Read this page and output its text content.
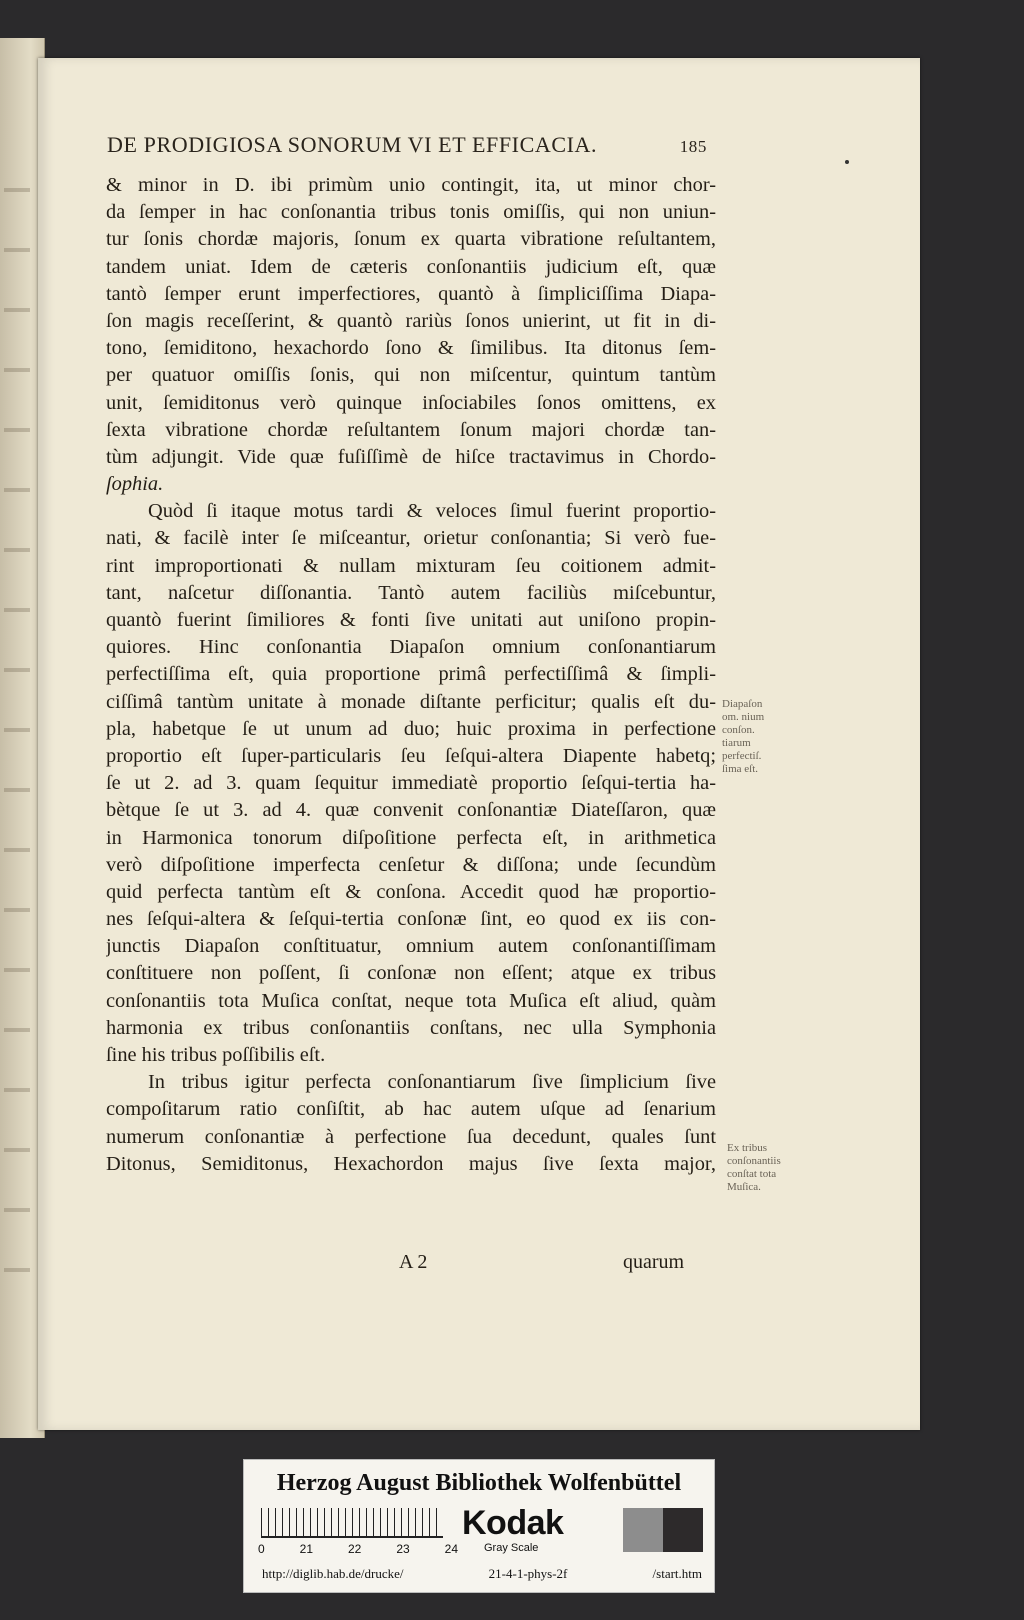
DE PRODIGIOSA SONORUM VI ET EFFICACIA.	185
& minor in D. ibi primùm unio contingit, ita, ut minor chor-
da ſemper in hac conſonantia tribus tonis omiſſis, qui non uniun-
tur ſonis chordæ majoris, ſonum ex quarta vibratione reſultantem,
tandem uniat. Idem de cæteris conſonantiis judicium eſt, quæ
tantò ſemper erunt imperfectiores, quantò à ſimpliciſſima Diapa-
ſon magis receſſerint, & quantò rariùs ſonos unierint, ut fit in di-
tono, ſemiditono, hexachordo ſono & ſimilibus. Ita ditonus ſem-
per quatuor omiſſis ſonis, qui non miſcentur, quintum tantùm
unit, ſemiditonus verò quinque inſociabiles ſonos omittens, ex
ſexta vibratione chordæ reſultantem ſonum majori chordæ tan-
tùm adjungit. Vide quæ fuſiſſimè de hiſce tractavimus in Chordo-
ſophia.
Quòd ſi itaque motus tardi & veloces ſimul fuerint proportio-
nati, & facilè inter ſe miſceantur, orietur conſonantia; Si verò fue-
rint improportionati & nullam mixturam ſeu coitionem admit-
tant, naſcetur diſſonantia. Tantò autem faciliùs miſcebuntur,
quantò fuerint ſimiliores & fonti ſive unitati aut uniſono propin-
quiores. Hinc conſonantia Diapaſon omnium conſonantiarum
perfectiſſima eſt, quia proportione primâ perfectiſſimâ & ſimpli-
ciſſimâ tantùm unitate à monade diſtante perficitur; qualis eſt du-
pla, habetque ſe ut unum ad duo; huic proxima in perfectione
proportio eſt ſuper-particularis ſeu ſeſqui-altera Diapente habetq;
ſe ut 2. ad 3. quam ſequitur immediatè proportio ſeſqui-tertia ha-
bètque ſe ut 3. ad 4. quæ convenit conſonantiæ Diateſſaron, quæ
in Harmonica tonorum diſpoſitione perfecta eſt, in arithmetica
verò diſpoſitione imperfecta cenſetur & diſſona; unde ſecundùm
quid perfecta tantùm eſt & conſona. Accedit quod hæ proportio-
nes ſeſqui-altera & ſeſqui-tertia conſonæ ſint, eo quod ex iis con-
junctis Diapaſon conſtituatur, omnium autem conſonantiſſimam
conſtituere non poſſent, ſi conſonæ non eſſent; atque ex tribus
conſonantiis tota Muſica conſtat, neque tota Muſica eſt aliud, quàm
harmonia ex tribus conſonantiis conſtans, nec ulla Symphonia
ſine his tribus poſſibilis eſt.
In tribus igitur perfecta conſonantiarum ſive ſimplicium ſive
compoſitarum ratio conſiſtit, ab hac autem uſque ad ſenarium
numerum conſonantiæ à perfectione ſua decedunt, quales ſunt
Ditonus, Semiditonus, Hexachordon majus ſive ſexta major,
Diapaſon om. nium conſon. tiarum perfectiſ. ſima eſt.
Ex tribus conſonantiis conſtat tota Muſica.
A 2	quarum
Herzog August Bibliothek Wolfenbüttel
0	21	22	23	24
Kodak
Gray Scale
http://diglib.hab.de/drucke/	21-4-1-phys-2f	/start.htm
